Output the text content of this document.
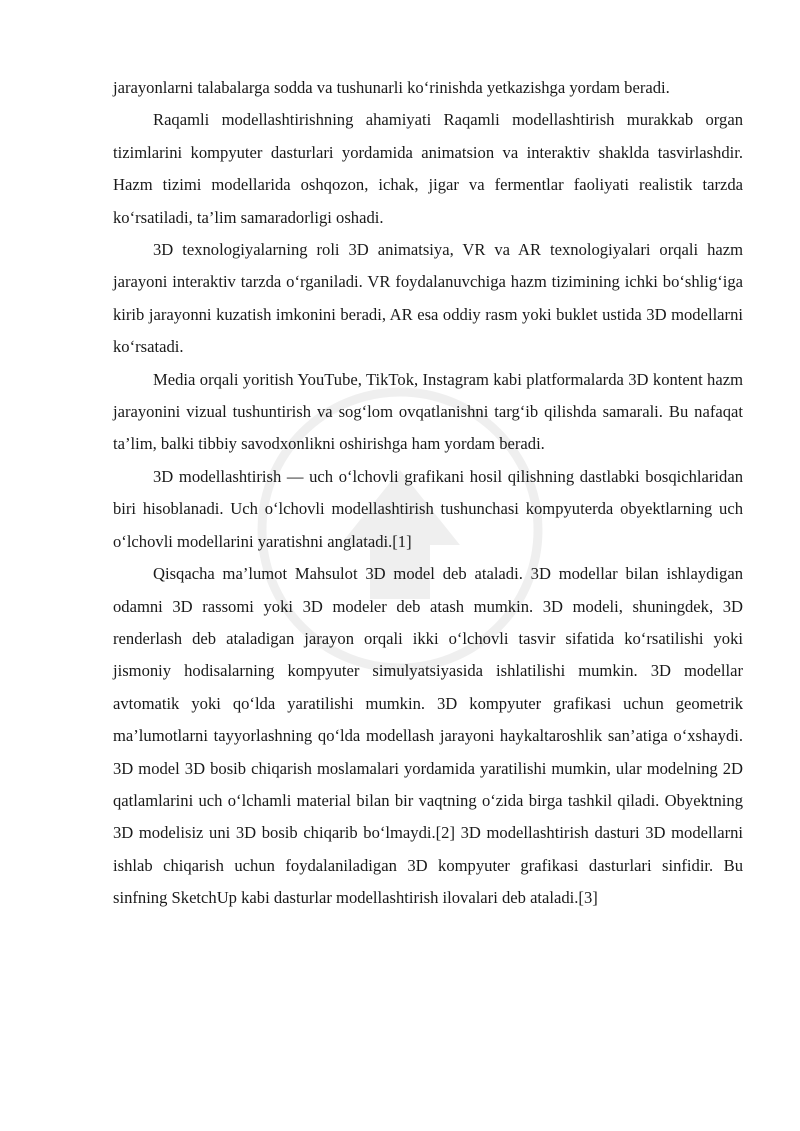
jarayonlarni talabalarga sodda va tushunarli ko‘rinishda yetkazishga yordam beradi.

Raqamli modellashtirishning ahamiyati Raqamli modellashtirish murakkab organ tizimlarini kompyuter dasturlari yordamida animatsion va interaktiv shaklda tasvirlashdir. Hazm tizimi modellarida oshqozon, ichak, jigar va fermentlar faoliyati realistik tarzda ko‘rsatiladi, ta’lim samaradorligi oshadi.

3D texnologiyalarning roli 3D animatsiya, VR va AR texnologiyalari orqali hazm jarayoni interaktiv tarzda o‘rganiladi. VR foydalanuvchiga hazm tizimining ichki bo‘shlig‘iga kirib jarayonni kuzatish imkonini beradi, AR esa oddiy rasm yoki buklet ustida 3D modellarni ko‘rsatadi.

Media orqali yoritish YouTube, TikTok, Instagram kabi platformalarda 3D kontent hazm jarayonini vizual tushuntirish va sog‘lom ovqatlanishni targ‘ib qilishda samarali. Bu nafaqat ta’lim, balki tibbiy savodxonlikni oshirishga ham yordam beradi.

3D modellashtirish — uch o‘lchovli grafikani hosil qilishning dastlabki bosqichlaridan biri hisoblanadi. Uch o‘lchovli modellashtirish tushunchasi kompyuterda obyektlarning uch o‘lchovli modellarini yaratishni anglatadi.[1]

Qisqacha ma’lumot Mahsulot 3D model deb ataladi. 3D modellar bilan ishlaydigan odamni 3D rassomi yoki 3D modeler deb atash mumkin. 3D modeli, shuningdek, 3D renderlash deb ataladigan jarayon orqali ikki o‘lchovli tasvir sifatida ko‘rsatilishi yoki jismoniy hodisalarning kompyuter simulyatsiyasida ishlatilishi mumkin. 3D modellar avtomatik yoki qo‘lda yaratilishi mumkin. 3D kompyuter grafikasi uchun geometrik ma’lumotlarni tayyorlashning qo‘lda modellash jarayoni haykaltaroshlik san’atiga o‘xshaydi. 3D model 3D bosib chiqarish moslamalari yordamida yaratilishi mumkin, ular modelning 2D qatlamlarini uch o‘lchamli material bilan bir vaqtning o‘zida birga tashkil qiladi. Obyektning 3D modelisiz uni 3D bosib chiqarib bo‘lmaydi.[2] 3D modellashtirish dasturi 3D modellarni ishlab chiqarish uchun foydalaniladigan 3D kompyuter grafikasi dasturlari sinfidir. Bu sinfning SketchUp kabi dasturlar modellashtirish ilovalari deb ataladi.[3]
